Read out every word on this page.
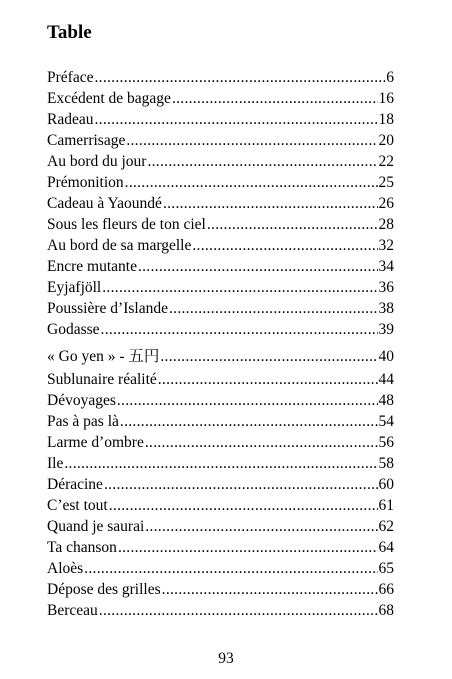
Table
Préface .....	6
Excédent de bagage .....	16
Radeau .....	18
Camerrisage .....	20
Au bord du jour .....	22
Prémonition .....	25
Cadeau à Yaoundé .....	26
Sous les fleurs de ton ciel .....	28
Au bord de sa margelle .....	32
Encre mutante .....	34
Eyjafjöll .....	36
Poussière d’Islande .....	38
Godasse .....	39
« Go yen » - 五円 .....	40
Sublunaire réalité .....	44
Dévoyages .....	48
Pas à pas là .....	54
Larme d’ombre .....	56
Ile .....	58
Déracine .....	60
C’est tout .....	61
Quand je saurai .....	62
Ta chanson .....	64
Aloès .....	65
Dépose des grilles .....	66
Berceau .....	68
93
